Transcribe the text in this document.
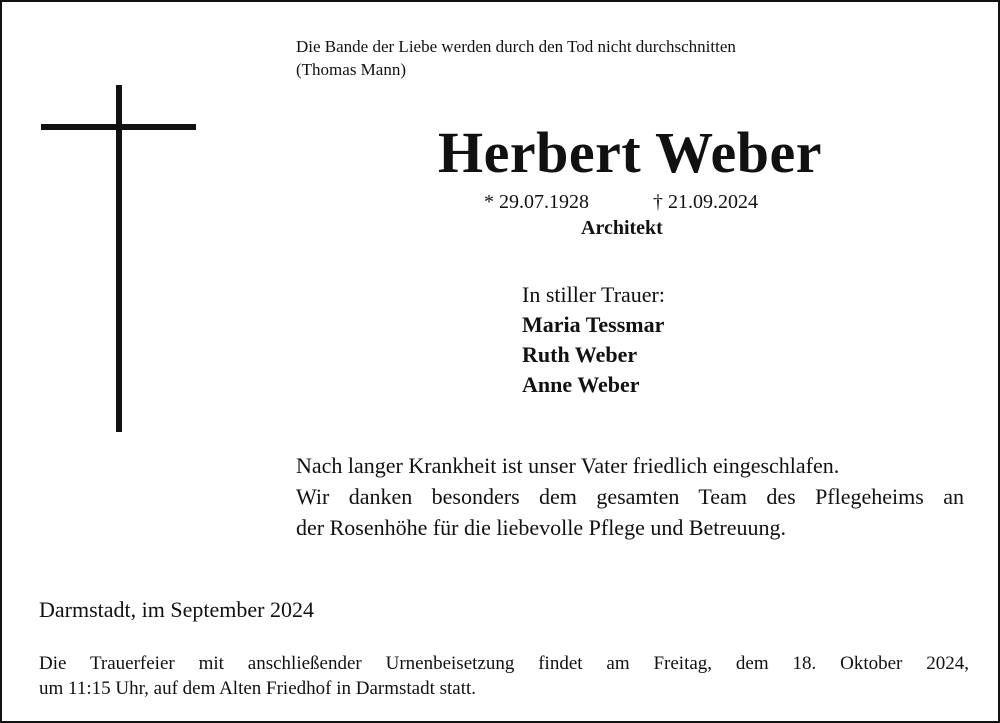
Die Bande der Liebe werden durch den Tod nicht durchschnitten
(Thomas Mann)
Herbert Weber
* 29.07.1928	† 21.09.2024
Architekt
In stiller Trauer:
Maria Tessmar
Ruth Weber
Anne Weber
Nach langer Krankheit ist unser Vater friedlich eingeschlafen.
Wir danken besonders dem gesamten Team des Pflegeheims an
der Rosenhöhe für die liebevolle Pflege und Betreuung.
Darmstadt, im September 2024
Die Trauerfeier mit anschließender Urnenbeisetzung findet am Freitag, dem 18. Oktober 2024,
um 11:15 Uhr, auf dem Alten Friedhof in Darmstadt statt.
